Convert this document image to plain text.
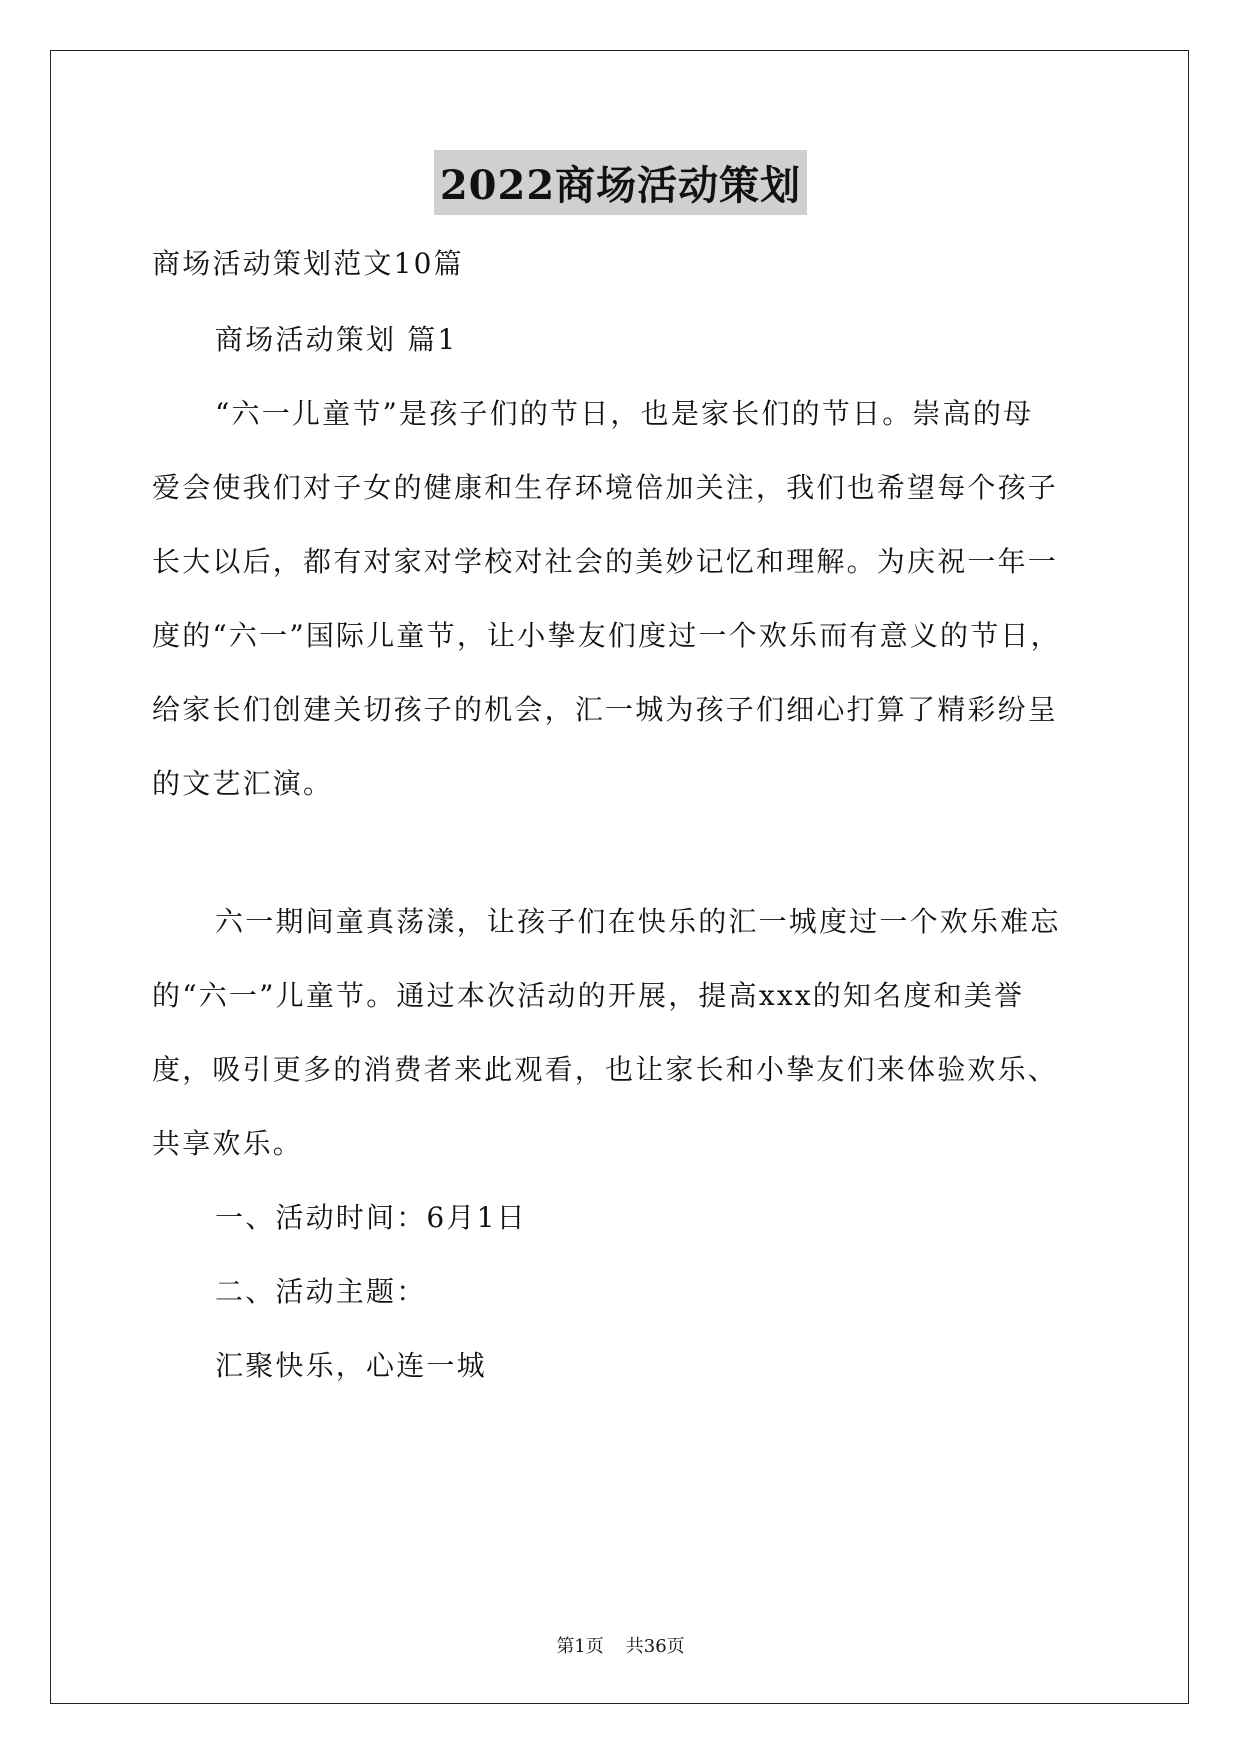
2022商场活动策划
商场活动策划范文10篇
商场活动策划 篇1
“六一儿童节”是孩子们的节日，也是家长们的节日。崇高的母
爱会使我们对子女的健康和生存环境倍加关注，我们也希望每个孩子
长大以后，都有对家对学校对社会的美妙记忆和理解。为庆祝一年一
度的“六一”国际儿童节，让小挚友们度过一个欢乐而有意义的节日，
给家长们创建关切孩子的机会，汇一城为孩子们细心打算了精彩纷呈
的文艺汇演。
六一期间童真荡漾，让孩子们在快乐的汇一城度过一个欢乐难忘
的“六一”儿童节。通过本次活动的开展，提高xxx的知名度和美誉
度，吸引更多的消费者来此观看，也让家长和小挚友们来体验欢乐、
共享欢乐。
一、活动时间：6月1日
二、活动主题：
汇聚快乐，心连一城
第1页 共36页
